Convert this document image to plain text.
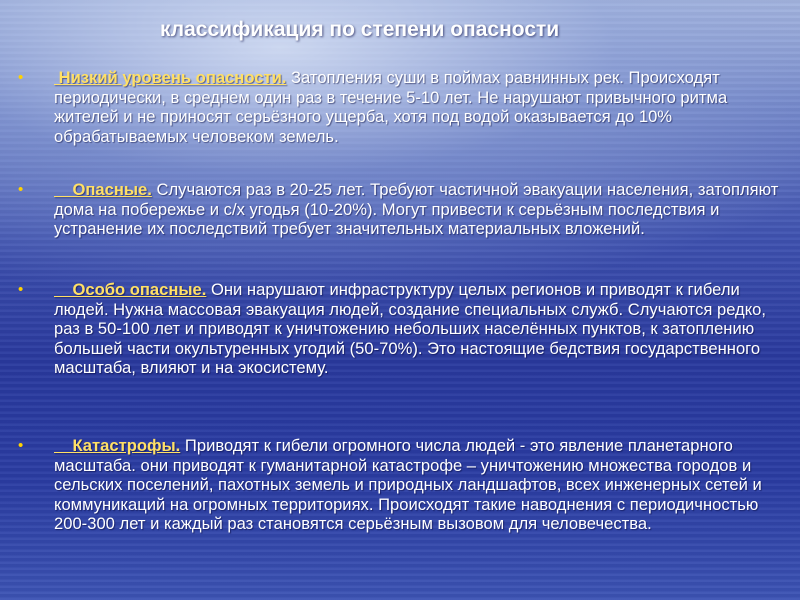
классификация по степени опасности
•	Низкий уровень опасности. Затопления суши в поймах равнинных рек. Происходят периодически, в среднем один раз в течение 5-10 лет. Не нарушают привычного ритма жителей и не приносят серьёзного ущерба, хотя под водой оказывается до 10% обрабатываемых человеком земель.
•	Опасные. Случаются раз в 20-25 лет. Требуют частичной эвакуации населения, затопляют дома на побережье и с/х угодья (10-20%). Могут привести к серьёзным последствия и устранение их последствий требует значительных материальных вложений.
•	Особо опасные. Они нарушают инфраструктуру целых регионов и приводят к гибели людей. Нужна массовая эвакуация людей, создание специальных служб. Случаются редко, раз в 50-100 лет и приводят к уничтожению небольших населённых пунктов, к затоплению большей части окультуренных угодий (50-70%). Это настоящие бедствия государственного масштаба, влияют и на экосистему.
•	Катастрофы. Приводят к гибели огромного числа людей - это явление планетарного масштаба. они приводят к гуманитарной катастрофе – уничтожению множества городов и сельских поселений, пахотных земель и природных ландшафтов, всех инженерных сетей и коммуникаций на огромных территориях. Происходят такие наводнения с периодичностью 200-300 лет и каждый раз становятся серьёзным вызовом для человечества.
